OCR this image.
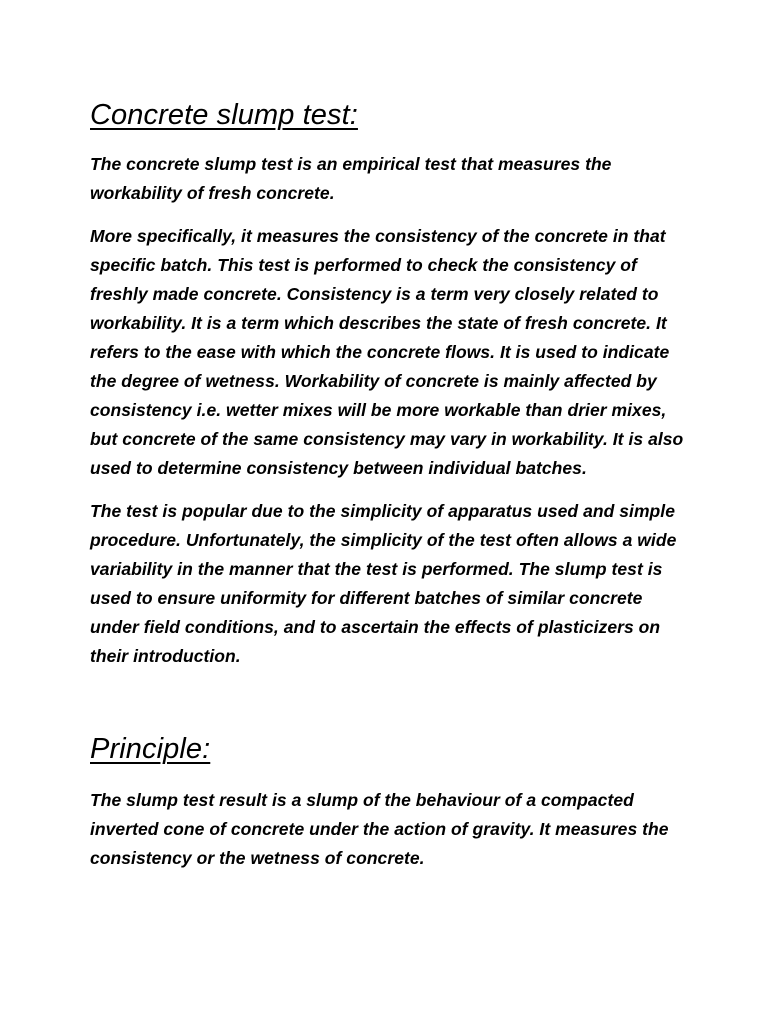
Concrete slump test:

The concrete slump test is an empirical test that measures the workability of fresh concrete.

More specifically, it measures the consistency of the concrete in that specific batch. This test is performed to check the consistency of freshly made concrete. Consistency is a term very closely related to workability. It is a term which describes the state of fresh concrete. It refers to the ease with which the concrete flows. It is used to indicate the degree of wetness. Workability of concrete is mainly affected by consistency i.e. wetter mixes will be more workable than drier mixes, but concrete of the same consistency may vary in workability. It is also used to determine consistency between individual batches.

The test is popular due to the simplicity of apparatus used and simple procedure. Unfortunately, the simplicity of the test often allows a wide variability in the manner that the test is performed. The slump test is used to ensure uniformity for different batches of similar concrete under field conditions, and to ascertain the effects of plasticizers on their introduction.

Principle:

The slump test result is a slump of the behaviour of a compacted inverted cone of concrete under the action of gravity. It measures the consistency or the wetness of concrete.
